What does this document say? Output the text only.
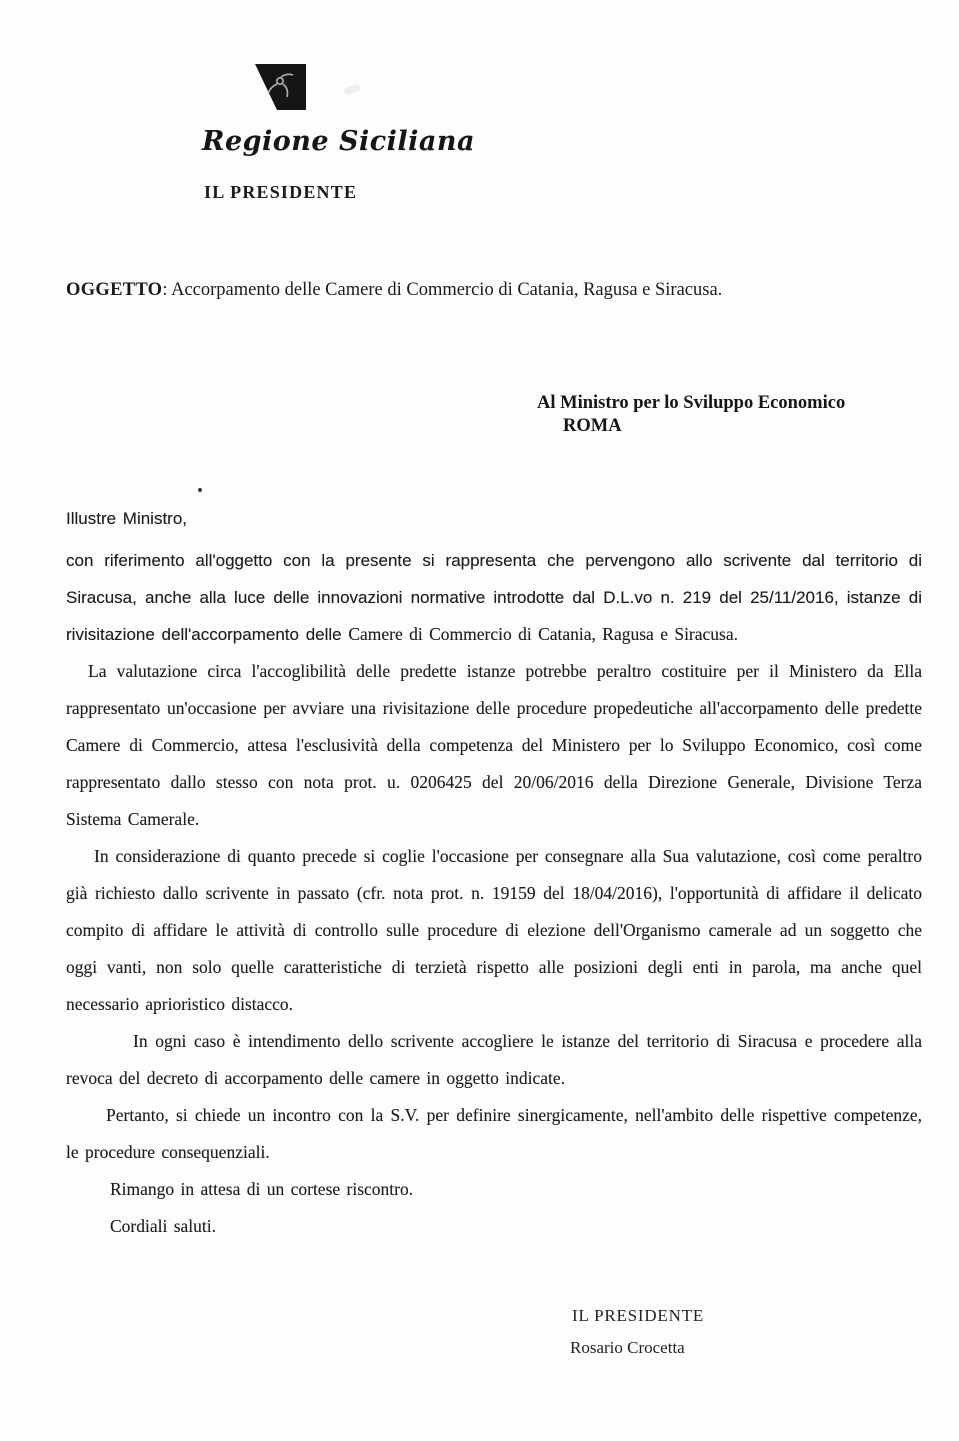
Regione Siciliana
IL PRESIDENTE
OGGETTO: Accorpamento delle Camere di Commercio di Catania, Ragusa e Siracusa.
Al Ministro per lo Sviluppo Economico
ROMA

Illustre Ministro,

con riferimento all'oggetto con la presente si rappresenta che pervengono allo scrivente dal territorio di Siracusa, anche alla luce delle innovazioni normative introdotte dal D.L.vo n. 219 del 25/11/2016, istanze di rivisitazione dell'accorpamento delle Camere di Commercio di Catania, Ragusa e Siracusa.

La valutazione circa l'accoglibilità delle predette istanze potrebbe peraltro costituire per il Ministero da Ella rappresentato un'occasione per avviare una rivisitazione delle procedure propedeutiche all'accorpamento delle predette Camere di Commercio, attesa l'esclusività della competenza del Ministero per lo Sviluppo Economico, così come rappresentato dallo stesso con nota prot. u. 0206425 del 20/06/2016 della Direzione Generale, Divisione Terza Sistema Camerale.

In considerazione di quanto precede si coglie l'occasione per consegnare alla Sua valutazione, così come peraltro già richiesto dallo scrivente in passato (cfr. nota prot. n. 19159 del 18/04/2016), l'opportunità di affidare il delicato compito di affidare le attività di controllo sulle procedure di elezione dell'Organismo camerale ad un soggetto che oggi vanti, non solo quelle caratteristiche di terzietà rispetto alle posizioni degli enti in parola, ma anche quel necessario aprioristico distacco.

In ogni caso è intendimento dello scrivente accogliere le istanze del territorio di Siracusa e procedere alla revoca del decreto di accorpamento delle camere in oggetto indicate.

Pertanto, si chiede un incontro con la S.V. per definire sinergicamente, nell'ambito delle rispettive competenze, le procedure consequenziali.

Rimango in attesa di un cortese riscontro.

Cordiali saluti.

IL PRESIDENTE
Rosario Crocetta
